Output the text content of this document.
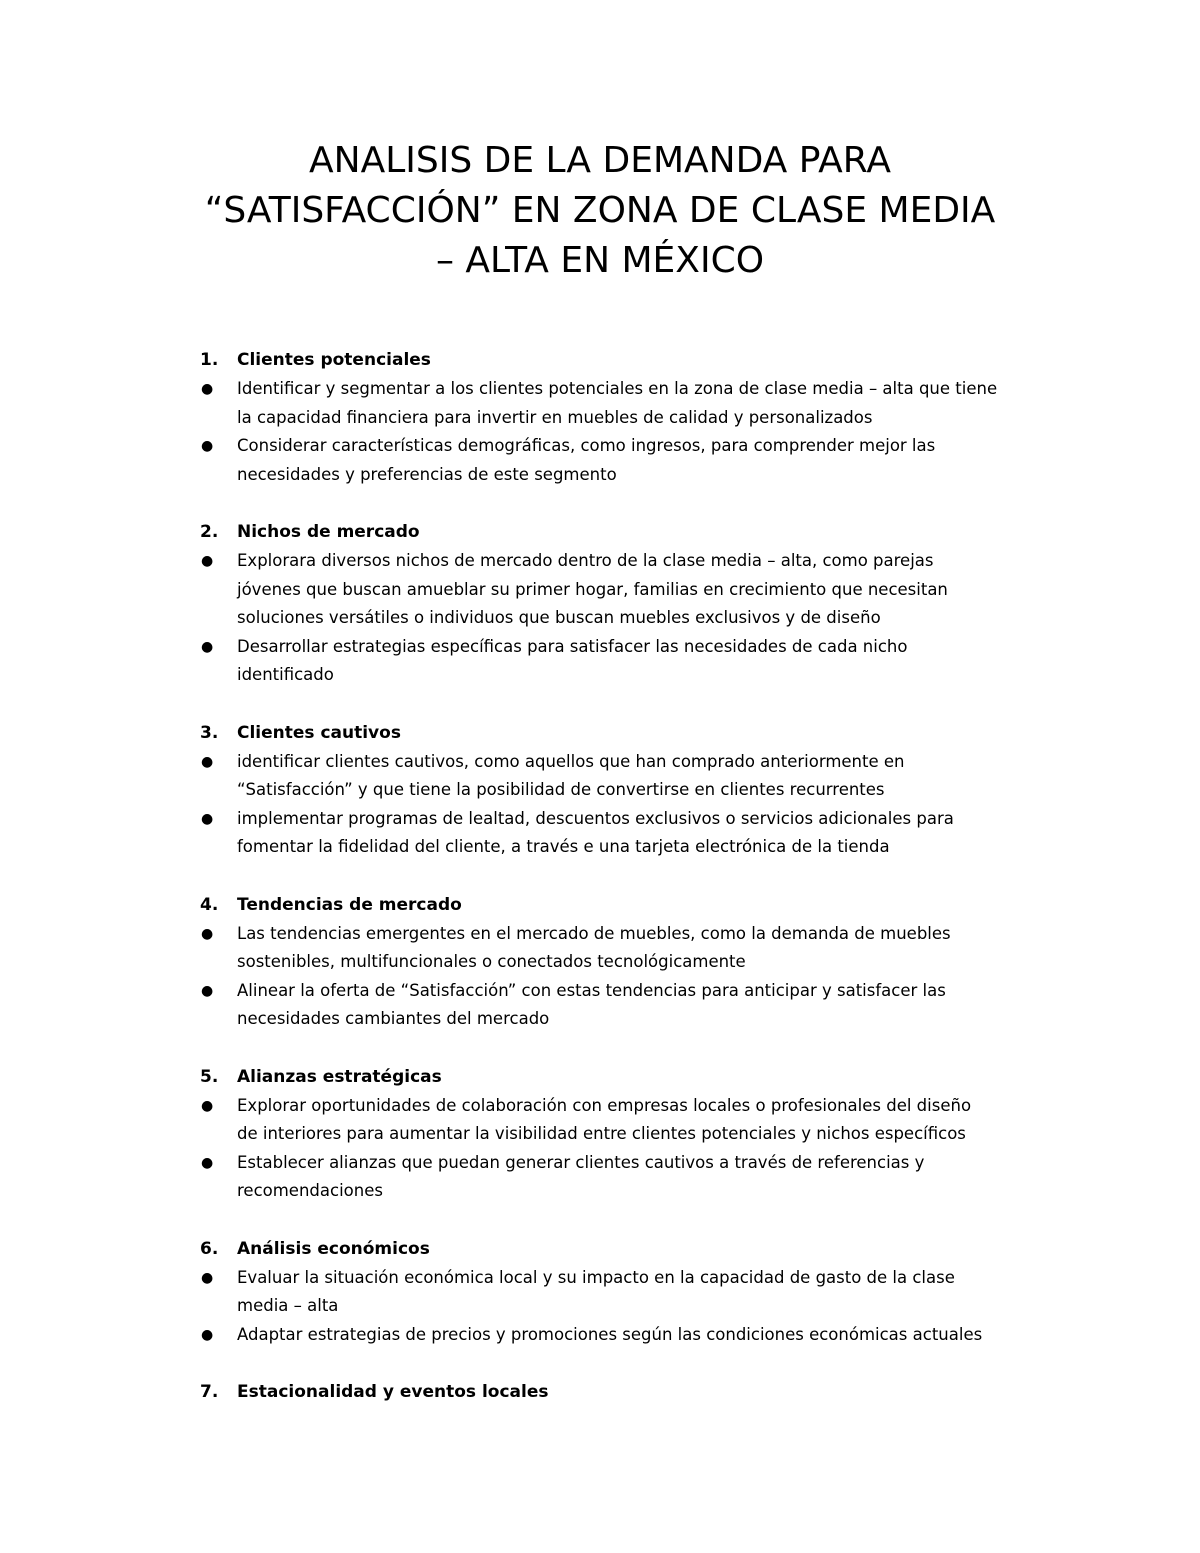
ANALISIS DE LA DEMANDA PARA
“SATISFACCIÓN” EN ZONA DE CLASE MEDIA
– ALTA EN MÉXICO
1.	Clientes potenciales
●	Identificar y segmentar a los clientes potenciales en la zona de clase media – alta que tiene
la capacidad financiera para invertir en muebles de calidad y personalizados
●	Considerar características demográficas, como ingresos, para comprender mejor las
necesidades y preferencias de este segmento
2.	Nichos de mercado
●	Explorara diversos nichos de mercado dentro de la clase media – alta, como parejas
jóvenes que buscan amueblar su primer hogar, familias en crecimiento que necesitan
soluciones versátiles o individuos que buscan muebles exclusivos y de diseño
●	Desarrollar estrategias específicas para satisfacer las necesidades de cada nicho
identificado
3.	Clientes cautivos
●	identificar clientes cautivos, como aquellos que han comprado anteriormente en
“Satisfacción” y que tiene la posibilidad de convertirse en clientes recurrentes
●	implementar programas de lealtad, descuentos exclusivos o servicios adicionales para
fomentar la fidelidad del cliente, a través e una tarjeta electrónica de la tienda
4.	Tendencias de mercado
●	Las tendencias emergentes en el mercado de muebles, como la demanda de muebles
sostenibles, multifuncionales o conectados tecnológicamente
●	Alinear la oferta de “Satisfacción” con estas tendencias para anticipar y satisfacer las
necesidades cambiantes del mercado
5.	Alianzas estratégicas
●	Explorar oportunidades de colaboración con empresas locales o profesionales del diseño
de interiores para aumentar la visibilidad entre clientes potenciales y nichos específicos
●	Establecer alianzas que puedan generar clientes cautivos a través de referencias y
recomendaciones
6.	Análisis económicos
●	Evaluar la situación económica local y su impacto en la capacidad de gasto de la clase
media – alta
●	Adaptar estrategias de precios y promociones según las condiciones económicas actuales
7.	Estacionalidad y eventos locales
